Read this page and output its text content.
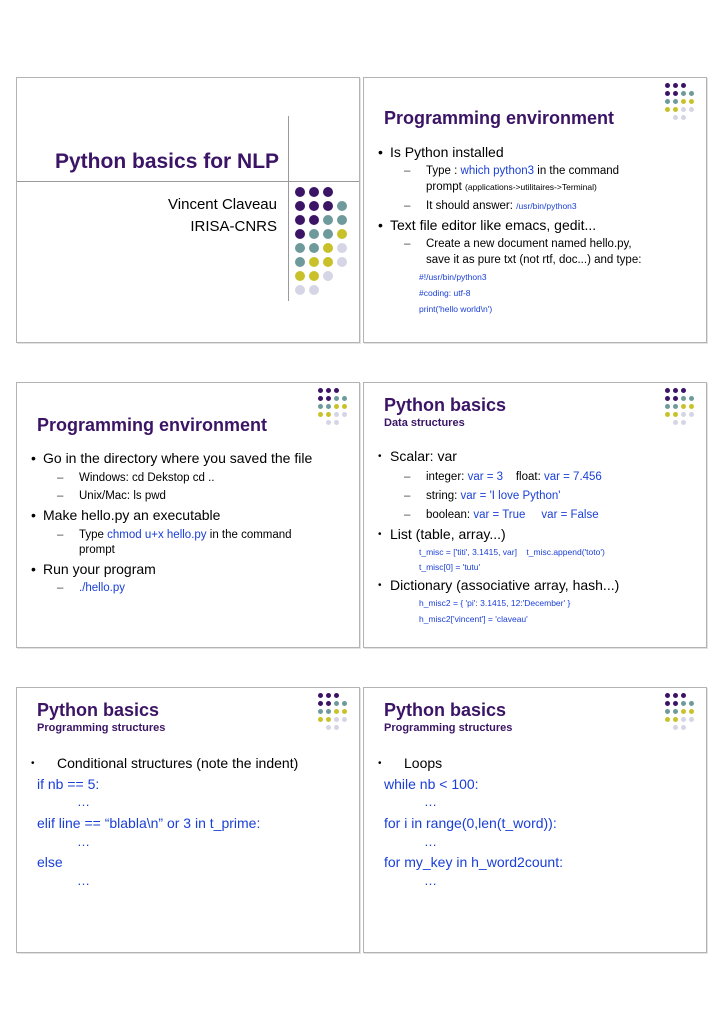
Python basics for NLP
Vincent Claveau
IRISA-CNRS
Programming environment
• Is Python installed
– Type : which python3 in the command
prompt (applications->utilitaires->Terminal)
– It should answer: /usr/bin/python3
• Text file editor like emacs, gedit...
– Create a new document named hello.py,
save it as pure txt (not rtf, doc...) and type:
#!/usr/bin/python3
#coding: utf-8
print('hello world\n')
Programming environment
• Go in the directory where you saved the file
– Windows: cd Dekstop cd ..
– Unix/Mac: ls pwd
• Make hello.py an executable
– Type chmod u+x hello.py in the command
prompt
• Run your program
– ./hello.py
Python basics
Data structures
• Scalar: var
– integer: var = 3    float: var = 7.456
– string: var = 'I love Python'
– boolean: var = True var = False
• List (table, array...)
t_misc = ['titi', 3.1415, var]    t_misc.append('toto')
t_misc[0] = 'tutu'
• Dictionary (associative array, hash...)
h_misc2 = { 'pi': 3.1415, 12:'December' }
h_misc2['vincent'] = 'claveau'
Python basics
Programming structures
• Conditional structures (note the indent)
if nb == 5:
…
elif line == “blabla\n” or 3 in t_prime:
…
else
…
Python basics
Programming structures
• Loops
while nb < 100:
…
for i in range(0,len(t_word)):
…
for my_key in h_word2count:
…
